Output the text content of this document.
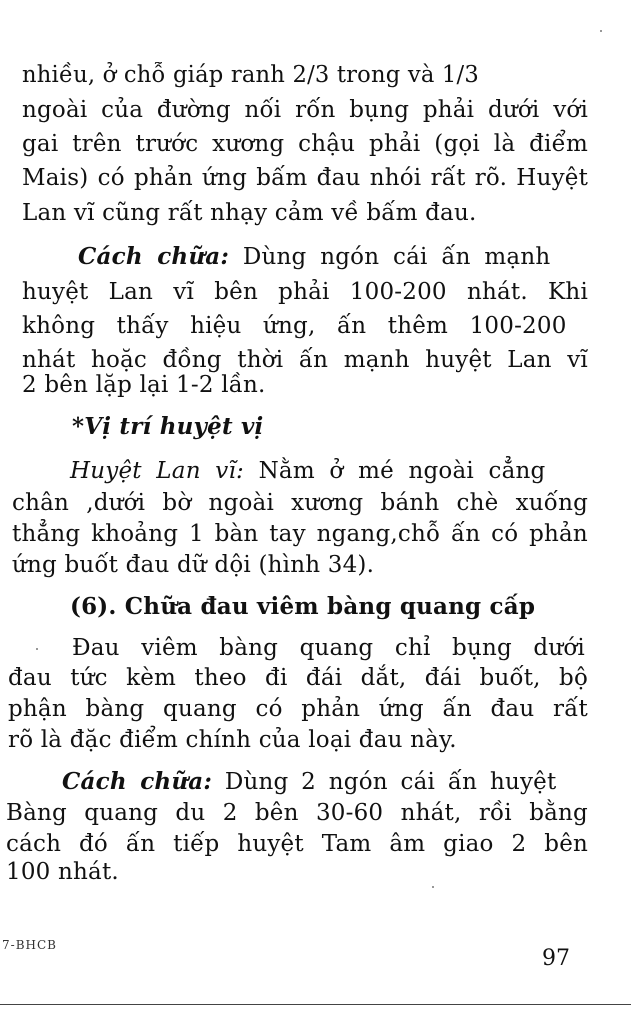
nhiều, ở chỗ giáp ranh 2/3 trong và 1/3
ngoài của đường nối rốn bụng phải dưới với
gai trên trước xương chậu phải (gọi là điểm
Mais) có phản ứng bấm đau nhói rất rõ. Huyệt
Lan vĩ cũng rất nhạy cảm về bấm đau.
Cách chữa: Dùng ngón cái ấn mạnh
huyệt Lan vĩ bên phải 100-200 nhát. Khi
không thấy hiệu ứng, ấn thêm 100-200
nhát hoặc đồng thời ấn mạnh huyệt Lan vĩ
2 bên lặp lại 1-2 lần.
*Vị trí huyệt vị
Huyệt Lan vĩ: Nằm ở mé ngoài cẳng
chân ,dưới bờ ngoài xương bánh chè xuống
thẳng khoảng 1 bàn tay ngang,chỗ ấn có phản
ứng buốt đau dữ dội (hình 34).
(6). Chữa đau viêm bàng quang cấp
Đau viêm bàng quang chỉ bụng dưới
đau tức kèm theo đi đái dắt, đái buốt, bộ
phận bàng quang có phản ứng ấn đau rất
rõ là đặc điểm chính của loại đau này.
Cách chữa: Dùng 2 ngón cái ấn huyệt
Bàng quang du 2 bên 30-60 nhát, rồi bằng
cách đó ấn tiếp huyệt Tam âm giao 2 bên
100 nhát.
7-BHCB
97
